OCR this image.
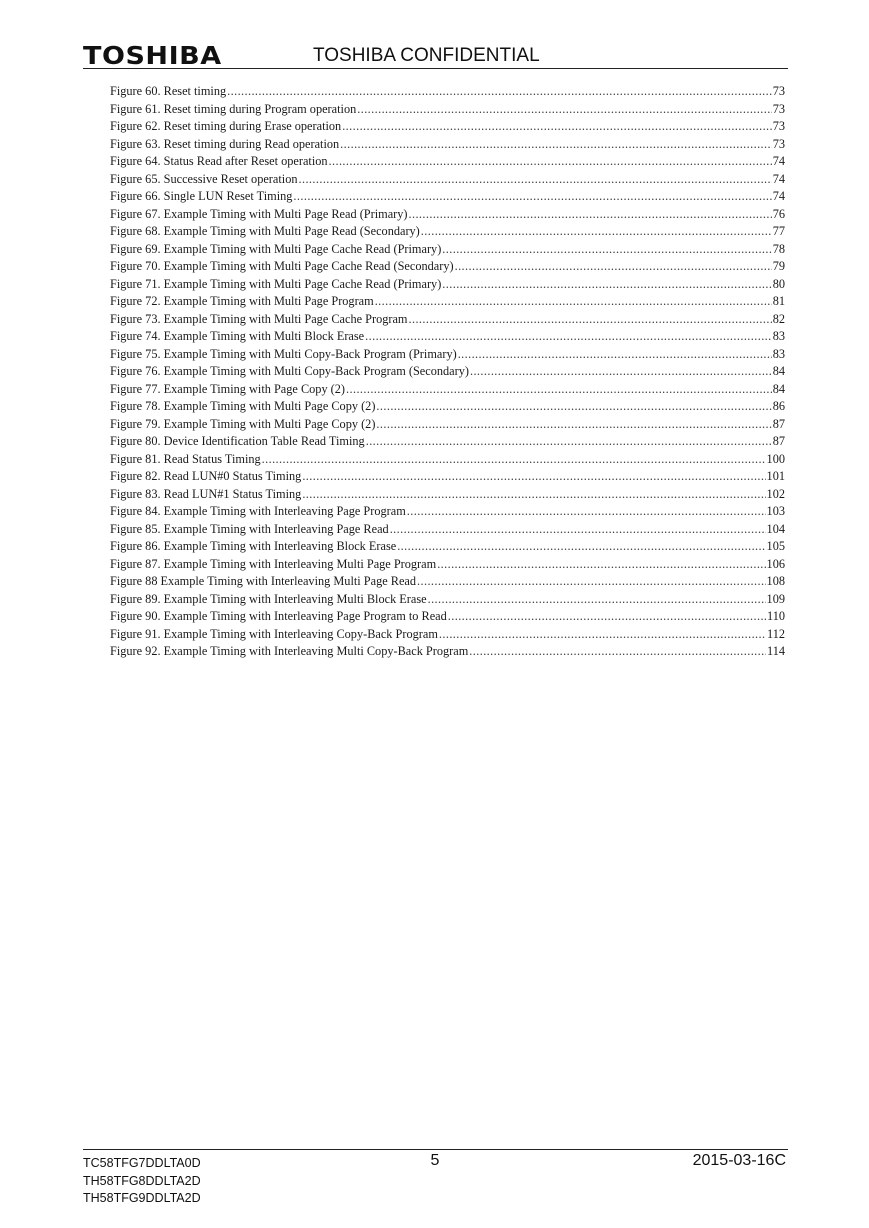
TOSHIBA	TOSHIBA CONFIDENTIAL
Figure 60. Reset timing .....	73
Figure 61. Reset timing during Program operation .....	73
Figure 62. Reset timing during Erase operation .....	73
Figure 63. Reset timing during Read operation .....	73
Figure 64. Status Read after Reset operation .....	74
Figure 65. Successive Reset operation .....	74
Figure 66. Single LUN Reset Timing .....	74
Figure 67. Example Timing with Multi Page Read (Primary) .....	76
Figure 68. Example Timing with Multi Page Read (Secondary) .....	77
Figure 69. Example Timing with Multi Page Cache Read (Primary) .....	78
Figure 70. Example Timing with Multi Page Cache Read (Secondary) .....	79
Figure 71. Example Timing with Multi Page Cache Read (Primary) .....	80
Figure 72. Example Timing with Multi Page Program .....	81
Figure 73. Example Timing with Multi Page Cache Program .....	82
Figure 74. Example Timing with Multi Block Erase .....	83
Figure 75. Example Timing with Multi Copy-Back Program (Primary) .....	83
Figure 76. Example Timing with Multi Copy-Back Program (Secondary) .....	84
Figure 77. Example Timing with Page Copy (2) .....	84
Figure 78. Example Timing with Multi Page Copy (2) .....	86
Figure 79. Example Timing with Multi Page Copy (2) .....	87
Figure 80. Device Identification Table Read Timing .....	87
Figure 81. Read Status Timing .....	100
Figure 82. Read LUN#0 Status Timing .....	101
Figure 83. Read LUN#1 Status Timing .....	102
Figure 84. Example Timing with Interleaving Page Program .....	103
Figure 85. Example Timing with Interleaving Page Read .....	104
Figure 86. Example Timing with Interleaving Block Erase .....	105
Figure 87. Example Timing with Interleaving Multi Page Program .....	106
Figure 88 Example Timing with Interleaving Multi Page Read .....	108
Figure 89. Example Timing with Interleaving Multi Block Erase .....	109
Figure 90. Example Timing with Interleaving Page Program to Read .....	110
Figure 91. Example Timing with Interleaving Copy-Back Program .....	112
Figure 92. Example Timing with Interleaving Multi Copy-Back Program .....	114
TC58TFG7DDLTA0D
TH58TFG8DDLTA2D
TH58TFG9DDLTA2D
5	2015-03-16C
